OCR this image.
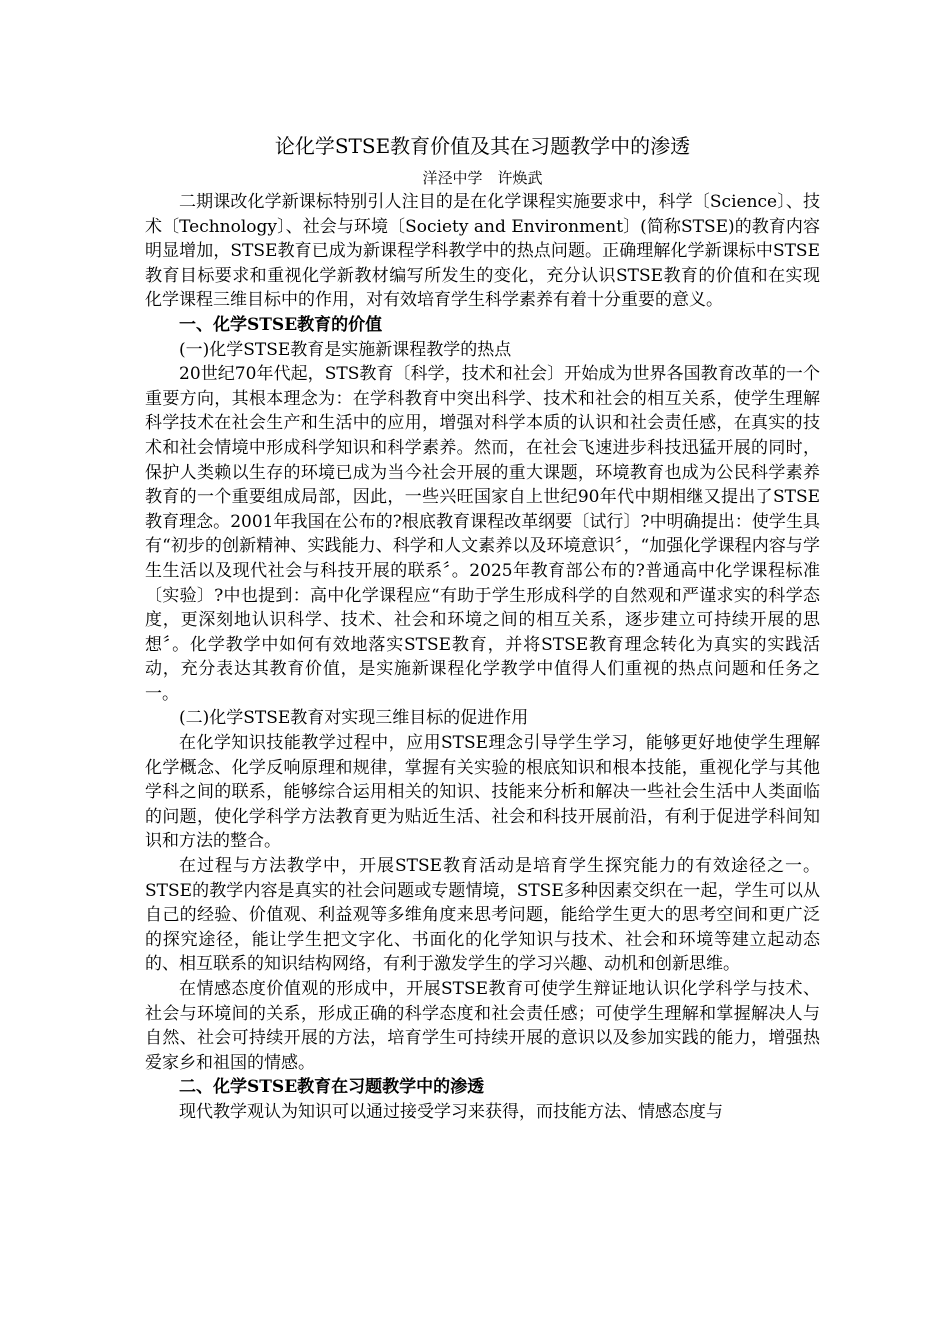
论化学STSE教育价值及其在习题教学中的渗透
洋泾中学　许焕武

二期课改化学新课标特别引人注目的是在化学课程实施要求中，科学〔Science〕、技术〔Technology〕、社会与环境〔Society and Environment〕(简称STSE)的教育内容明显增加，STSE教育已成为新课程学科教学中的热点问题。正确理解化学新课标中STSE教育目标要求和重视化学新教材编写所发生的变化，充分认识STSE教育的价值和在实现化学课程三维目标中的作用，对有效培育学生科学素养有着十分重要的意义。

一、化学STSE教育的价值

(一)化学STSE教育是实施新课程教学的热点

20世纪70年代起，STS教育〔科学，技术和社会〕开始成为世界各国教育改革的一个重要方向，其根本理念为：在学科教育中突出科学、技术和社会的相互关系，使学生理解科学技术在社会生产和生活中的应用，增强对科学本质的认识和社会责任感，在真实的技术和社会情境中形成科学知识和科学素养。然而，在社会飞速进步科技迅猛开展的同时，保护人类赖以生存的环境已成为当今社会开展的重大课题，环境教育也成为公民科学素养教育的一个重要组成局部，因此，一些兴旺国家自上世纪90年代中期相继又提出了STSE教育理念。2001年我国在公布的?根底教育课程改革纲要〔试行〕?中明确提出：使学生具有“初步的创新精神、实践能力、科学和人文素养以及环境意识〞，“加强化学课程内容与学生生活以及现代社会与科技开展的联系〞。2025年教育部公布的?普通高中化学课程标准〔实验〕?中也提到：高中化学课程应“有助于学生形成科学的自然观和严谨求实的科学态度，更深刻地认识科学、技术、社会和环境之间的相互关系，逐步建立可持续开展的思想〞。化学教学中如何有效地落实STSE教育，并将STSE教育理念转化为真实的实践活动，充分表达其教育价值，是实施新课程化学教学中值得人们重视的热点问题和任务之一。

(二)化学STSE教育对实现三维目标的促进作用

在化学知识技能教学过程中，应用STSE理念引导学生学习，能够更好地使学生理解化学概念、化学反响原理和规律，掌握有关实验的根底知识和根本技能，重视化学与其他学科之间的联系，能够综合运用相关的知识、技能来分析和解决一些社会生活中人类面临的问题，使化学科学方法教育更为贴近生活、社会和科技开展前沿，有利于促进学科间知识和方法的整合。

在过程与方法教学中，开展STSE教育活动是培育学生探究能力的有效途径之一。STSE的教学内容是真实的社会问题或专题情境，STSE多种因素交织在一起，学生可以从自己的经验、价值观、利益观等多维角度来思考问题，能给学生更大的思考空间和更广泛的探究途径，能让学生把文字化、书面化的化学知识与技术、社会和环境等建立起动态的、相互联系的知识结构网络，有利于激发学生的学习兴趣、动机和创新思维。

在情感态度价值观的形成中，开展STSE教育可使学生辩证地认识化学科学与技术、社会与环境间的关系，形成正确的科学态度和社会责任感；可使学生理解和掌握解决人与自然、社会可持续开展的方法，培育学生可持续开展的意识以及参加实践的能力，增强热爱家乡和祖国的情感。

二、化学STSE教育在习题教学中的渗透

现代教学观认为知识可以通过接受学习来获得，而技能方法、情感态度与
